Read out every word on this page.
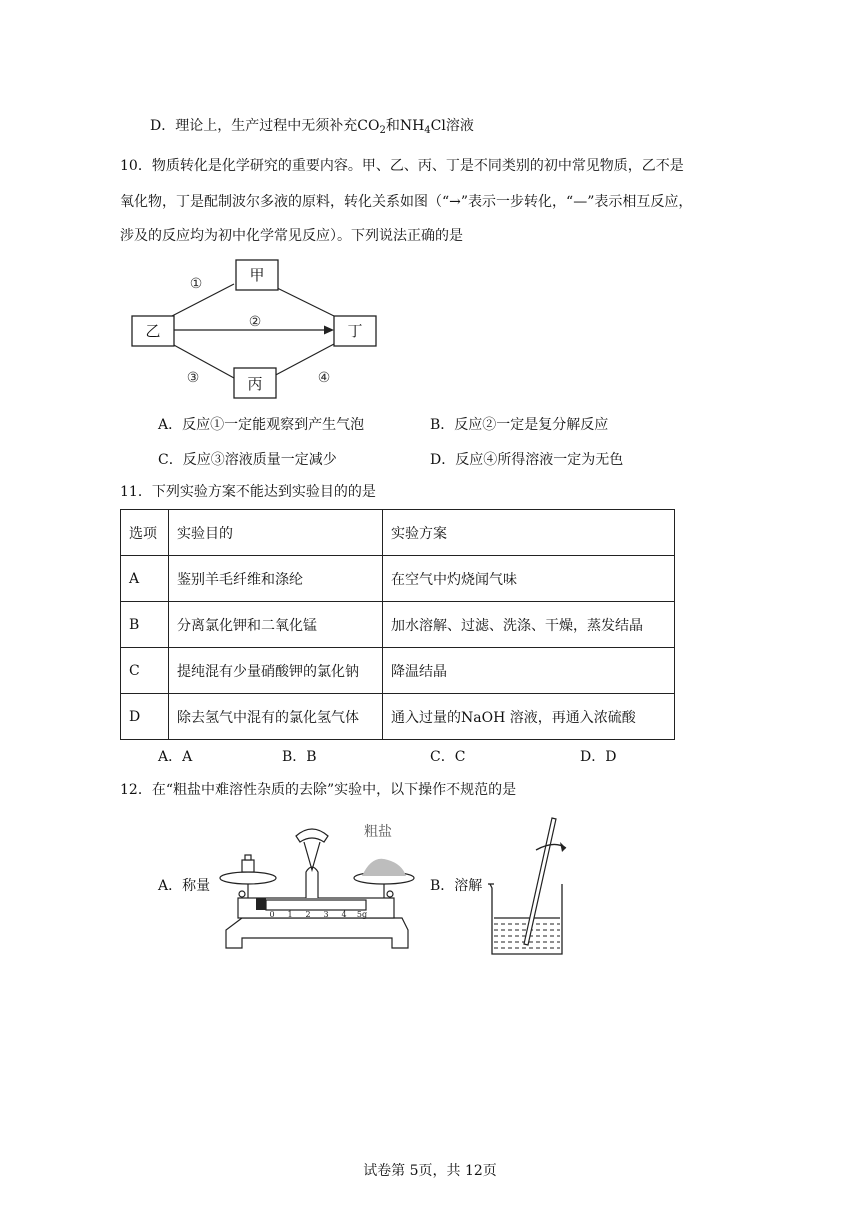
D．理论上，生产过程中无须补充$CO_2$和$NH_4Cl$溶液
10．物质转化是化学研究的重要内容。甲、乙、丙、丁是不同类别的初中常见物质，乙不是
氧化物，丁是配制波尔多液的原料，转化关系如图（“→”表示一步转化，“—”表示相互反应，
涉及的反应均为初中化学常见反应）。下列说法正确的是
甲
乙	丁
丙
①
②
③	④
A．反应①一定能观察到产生气泡	B．反应②一定是复分解反应
C．反应③溶液质量一定减少	D．反应④所得溶液一定为无色
11．下列实验方案不能达到实验目的的是
选项	实验目的	实验方案
A	鉴别羊毛纤维和涤纶	在空气中灼烧闻气味
B	分离氯化钾和二氧化锰	加水溶解、过滤、洗涤、干燥，蒸发结晶
C	提纯混有少量硝酸钾的氯化钠	降温结晶
D	除去氢气中混有的氯化氢气体	通入过量的NaOH 溶液，再通入浓硫酸
A．A	B．B	C．C	D．D
12．在“粗盐中难溶性杂质的去除”实验中，以下操作不规范的是
A．称量	B．溶解
0 1 2 3 4 5g
粗盐
试卷第 5页，共 12页
